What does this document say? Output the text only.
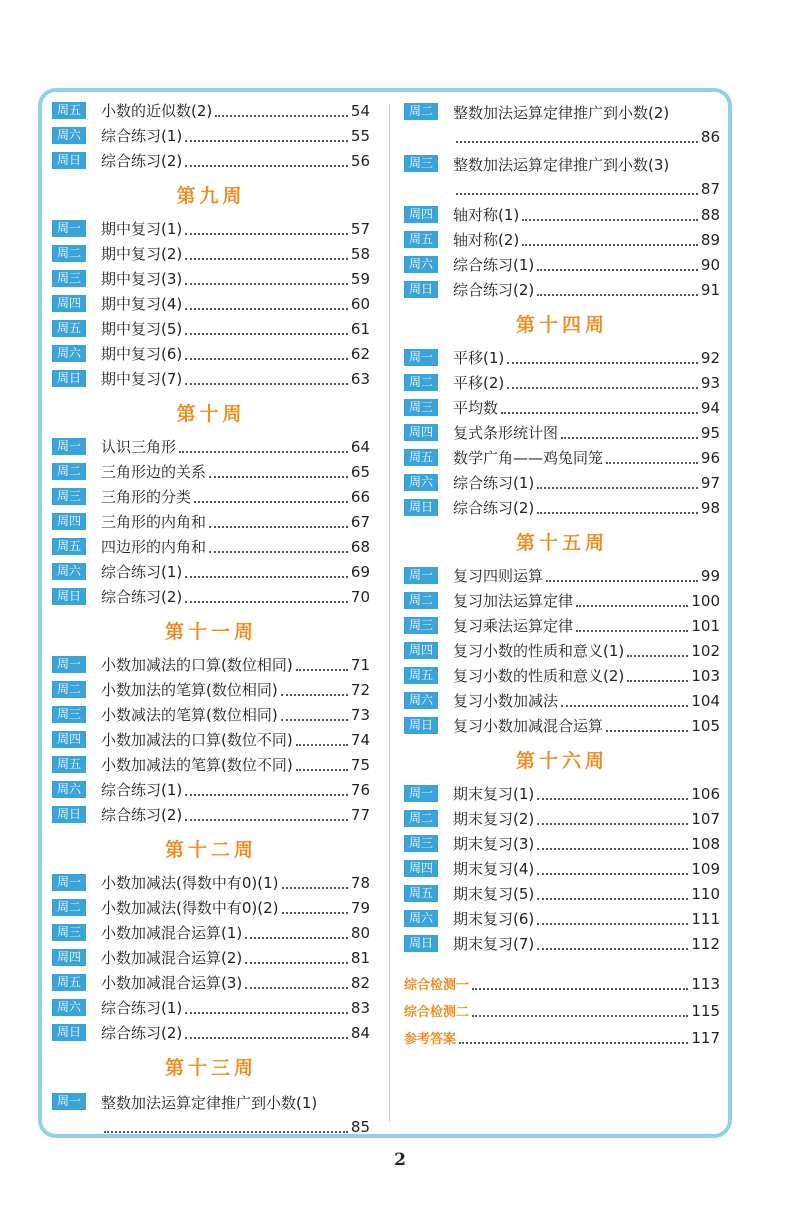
周五	小数的近似数(2)	54
周六	综合练习(1)	55
周日	综合练习(2)	56
第九周
周一	期中复习(1)	57
周二	期中复习(2)	58
周三	期中复习(3)	59
周四	期中复习(4)	60
周五	期中复习(5)	61
周六	期中复习(6)	62
周日	期中复习(7)	63
第十周
周一	认识三角形	64
周二	三角形边的关系	65
周三	三角形的分类	66
周四	三角形的内角和	67
周五	四边形的内角和	68
周六	综合练习(1)	69
周日	综合练习(2)	70
第十一周
周一	小数加减法的口算(数位相同)	71
周二	小数加法的笔算(数位相同)	72
周三	小数减法的笔算(数位相同)	73
周四	小数加减法的口算(数位不同)	74
周五	小数加减法的笔算(数位不同)	75
周六	综合练习(1)	76
周日	综合练习(2)	77
第十二周
周一	小数加减法(得数中有0)(1)	78
周二	小数加减法(得数中有0)(2)	79
周三	小数加减混合运算(1)	80
周四	小数加减混合运算(2)	81
周五	小数加减混合运算(3)	82
周六	综合练习(1)	83
周日	综合练习(2)	84
第十三周
周一	整数加法运算定律推广到小数(1)
85
周二	整数加法运算定律推广到小数(2)
86
周三	整数加法运算定律推广到小数(3)
87
周四	轴对称(1)	88
周五	轴对称(2)	89
周六	综合练习(1)	90
周日	综合练习(2)	91
第十四周
周一	平移(1)	92
周二	平移(2)	93
周三	平均数	94
周四	复式条形统计图	95
周五	数学广角——鸡兔同笼	96
周六	综合练习(1)	97
周日	综合练习(2)	98
第十五周
周一	复习四则运算	99
周二	复习加法运算定律	100
周三	复习乘法运算定律	101
周四	复习小数的性质和意义(1)	102
周五	复习小数的性质和意义(2)	103
周六	复习小数加减法	104
周日	复习小数加减混合运算	105
第十六周
周一	期末复习(1)	106
周二	期末复习(2)	107
周三	期末复习(3)	108
周四	期末复习(4)	109
周五	期末复习(5)	110
周六	期末复习(6)	111
周日	期末复习(7)	112
综合检测一	113
综合检测二	115
参考答案	117
2
